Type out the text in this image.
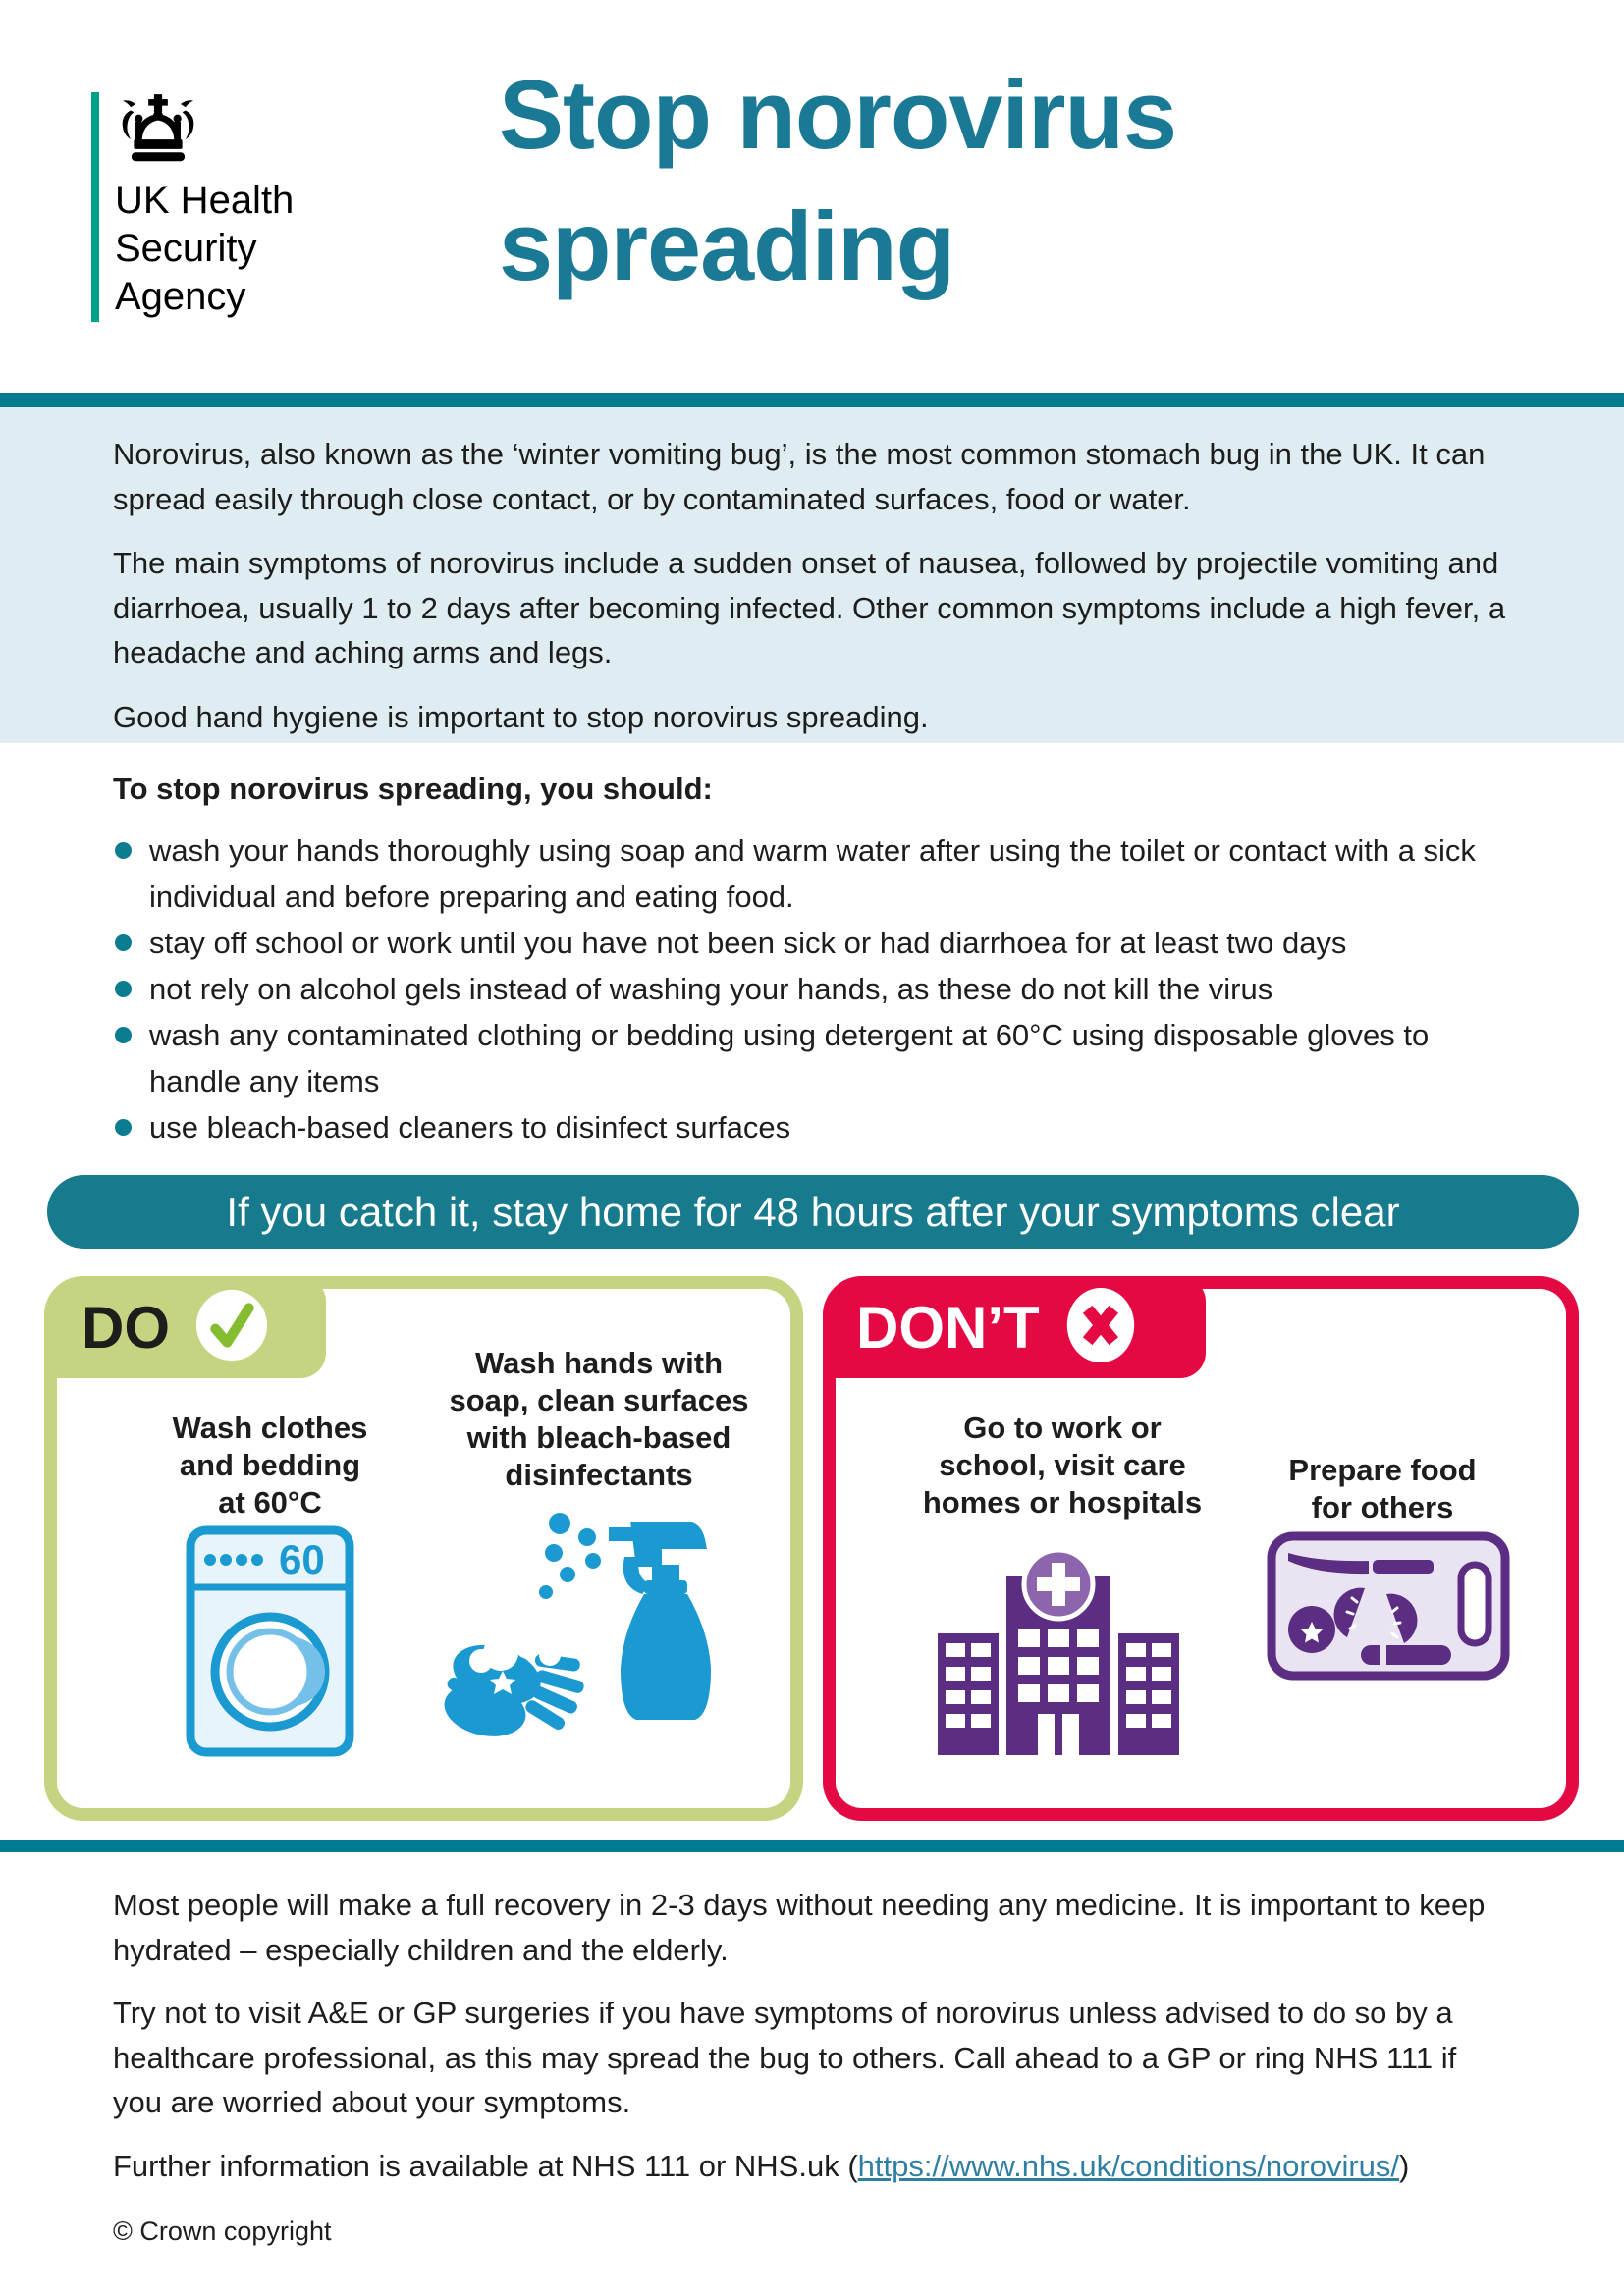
UK Health
Security
Agency
Stop norovirus
spreading

Norovirus, also known as the ‘winter vomiting bug’, is the most common stomach bug in the UK. It can spread easily through close contact, or by contaminated surfaces, food or water.

The main symptoms of norovirus include a sudden onset of nausea, followed by projectile vomiting and diarrhoea, usually 1 to 2 days after becoming infected. Other common symptoms include a high fever, a headache and aching arms and legs.

Good hand hygiene is important to stop norovirus spreading.

To stop norovirus spreading, you should:
wash your hands thoroughly using soap and warm water after using the toilet or contact with a sick individual and before preparing and eating food.
stay off school or work until you have not been sick or had diarrhoea for at least two days
not rely on alcohol gels instead of washing your hands, as these do not kill the virus
wash any contaminated clothing or bedding using detergent at 60°C using disposable gloves to handle any items
use bleach-based cleaners to disinfect surfaces
If you catch it, stay home for 48 hours after your symptoms clear
DO
Wash clothes
and bedding
at 60°C
Wash hands with
soap, clean surfaces
with bleach-based
disinfectants
60
DON’T
Go to work or
school, visit care
homes or hospitals
Prepare food
for others

Most people will make a full recovery in 2-3 days without needing any medicine. It is important to keep hydrated – especially children and the elderly.

Try not to visit A&E or GP surgeries if you have symptoms of norovirus unless advised to do so by a healthcare professional, as this may spread the bug to others. Call ahead to a GP or ring NHS 111 if you are worried about your symptoms.

Further information is available at NHS 111 or NHS.uk (https://www.nhs.uk/conditions/norovirus/)

© Crown copyright
